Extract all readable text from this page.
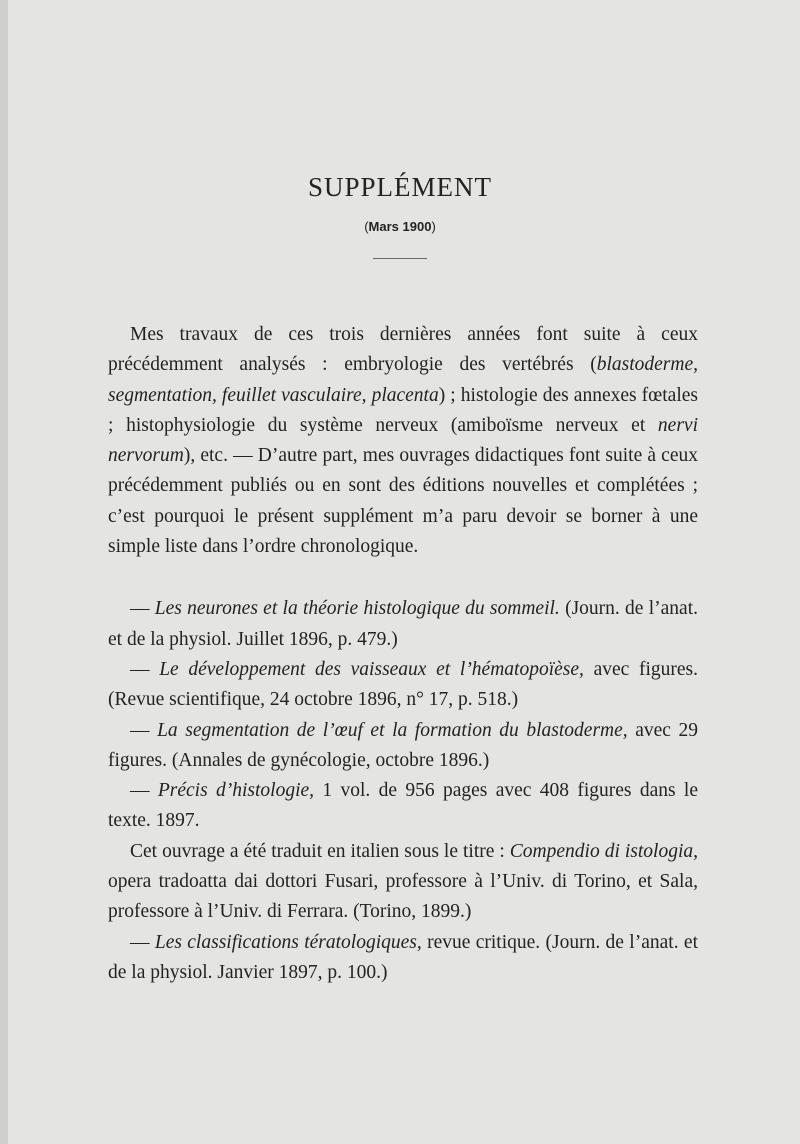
SUPPLÉMENT
(Mars 1900)

Mes travaux de ces trois dernières années font suite à ceux précédemment analysés : embryologie des vertébrés (blastoderme, segmentation, feuillet vasculaire, placenta) ; histologie des annexes fœtales ; histophysiologie du système nerveux (amiboïsme nerveux et nervi nervorum), etc. — D’autre part, mes ouvrages didactiques font suite à ceux précédemment publiés ou en sont des éditions nouvelles et complétées ; c’est pourquoi le présent supplément m’a paru devoir se borner à une simple liste dans l’ordre chronologique.

— Les neurones et la théorie histologique du sommeil. (Journ. de l’anat. et de la physiol. Juillet 1896, p. 479.)

— Le développement des vaisseaux et l’hématopoïèse, avec figures. (Revue scientifique, 24 octobre 1896, n° 17, p. 518.)

— La segmentation de l’œuf et la formation du blastoderme, avec 29 figures. (Annales de gynécologie, octobre 1896.)

— Précis d’histologie, 1 vol. de 956 pages avec 408 figures dans le texte. 1897.

Cet ouvrage a été traduit en italien sous le titre : Compendio di istologia, opera tradoatta dai dottori Fusari, professore à l’Univ. di Torino, et Sala, professore à l’Univ. di Ferrara. (Torino, 1899.)

— Les classifications tératologiques, revue critique. (Journ. de l’anat. et de la physiol. Janvier 1897, p. 100.)
